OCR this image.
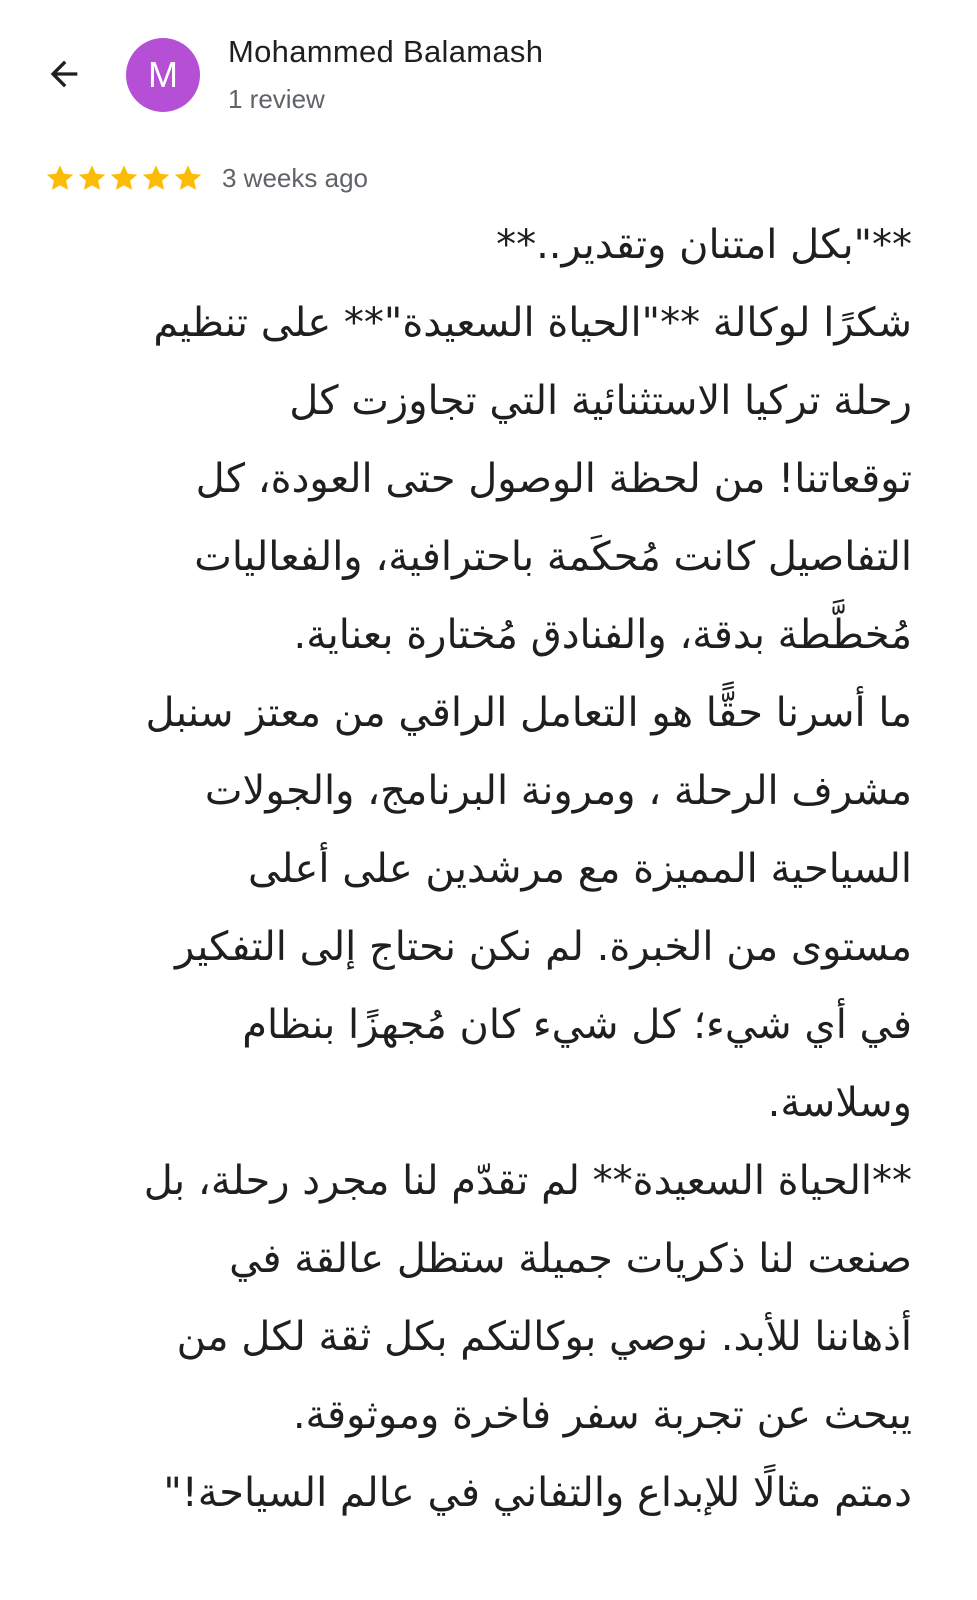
M
Mohammed Balamash
1 review
3 weeks ago
**"بكل امتنان وتقدير..**
شكرًا لوكالة **"الحياة السعيدة"** على تنظيم
رحلة تركيا الاستثنائية التي تجاوزت كل
توقعاتنا! من لحظة الوصول حتى العودة، كل
التفاصيل كانت مُحكَمة باحترافية، والفعاليات
مُخطَّطة بدقة، والفنادق مُختارة بعناية.
ما أسرنا حقًّا هو التعامل الراقي من معتز سنبل
مشرف الرحلة ، ومرونة البرنامج، والجولات
السياحية المميزة مع مرشدين على أعلى
مستوى من الخبرة. لم نكن نحتاج إلى التفكير
في أي شيء؛ كل شيء كان مُجهزًا بنظام
وسلاسة.
**الحياة السعيدة** لم تقدّم لنا مجرد رحلة، بل
صنعت لنا ذكريات جميلة ستظل عالقة في
أذهاننا للأبد. نوصي بوكالتكم بكل ثقة لكل من
يبحث عن تجربة سفر فاخرة وموثوقة.
دمتم مثالًا للإبداع والتفاني في عالم السياحة!"
